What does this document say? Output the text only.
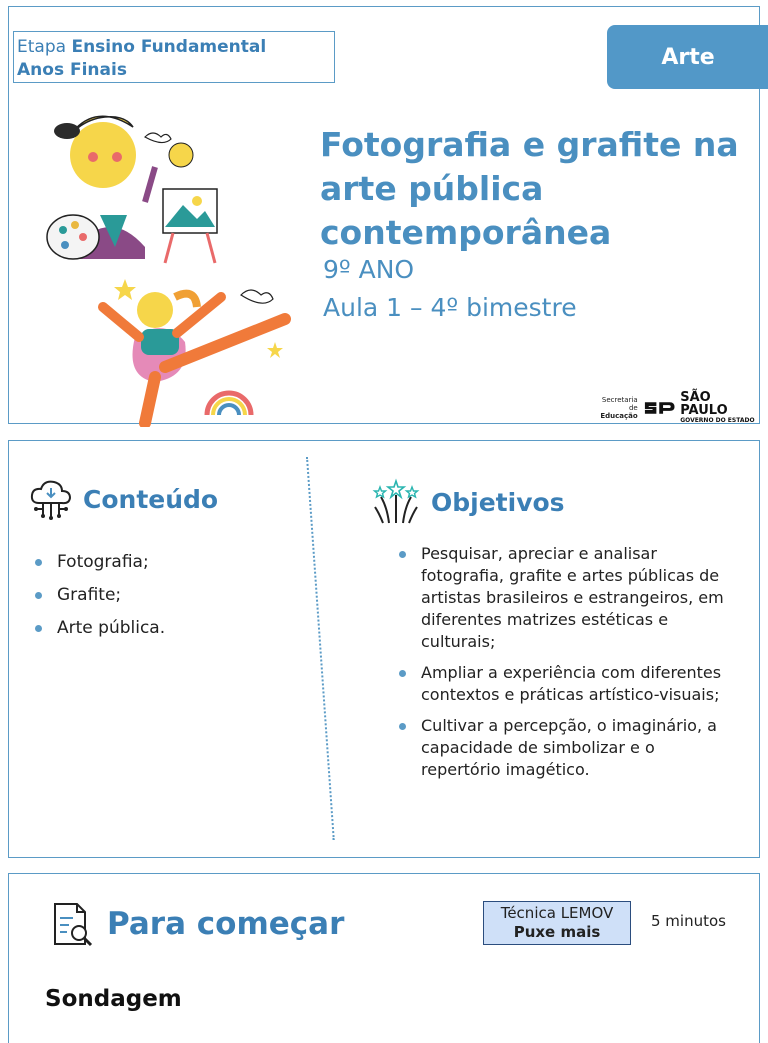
Etapa Ensino Fundamental
Anos Finais
Arte
Fotografia e grafite na arte pública contemporânea
9º ANO
Aula 1 – 4º bimestre
Secretaria de
Educação
SÃO PAULO
GOVERNO DO ESTADO
Conteúdo
Fotografia;
Grafite;
Arte pública.
Objetivos
Pesquisar, apreciar e analisar fotografia, grafite e artes públicas de artistas brasileiros e estrangeiros, em diferentes matrizes estéticas e culturais;
Ampliar a experiência com diferentes contextos e práticas artístico-visuais;
Cultivar a percepção, o imaginário, a capacidade de simbolizar e o repertório imagético.
Para começar	Técnica LEMOV
Puxe mais
5 minutos
Sondagem
